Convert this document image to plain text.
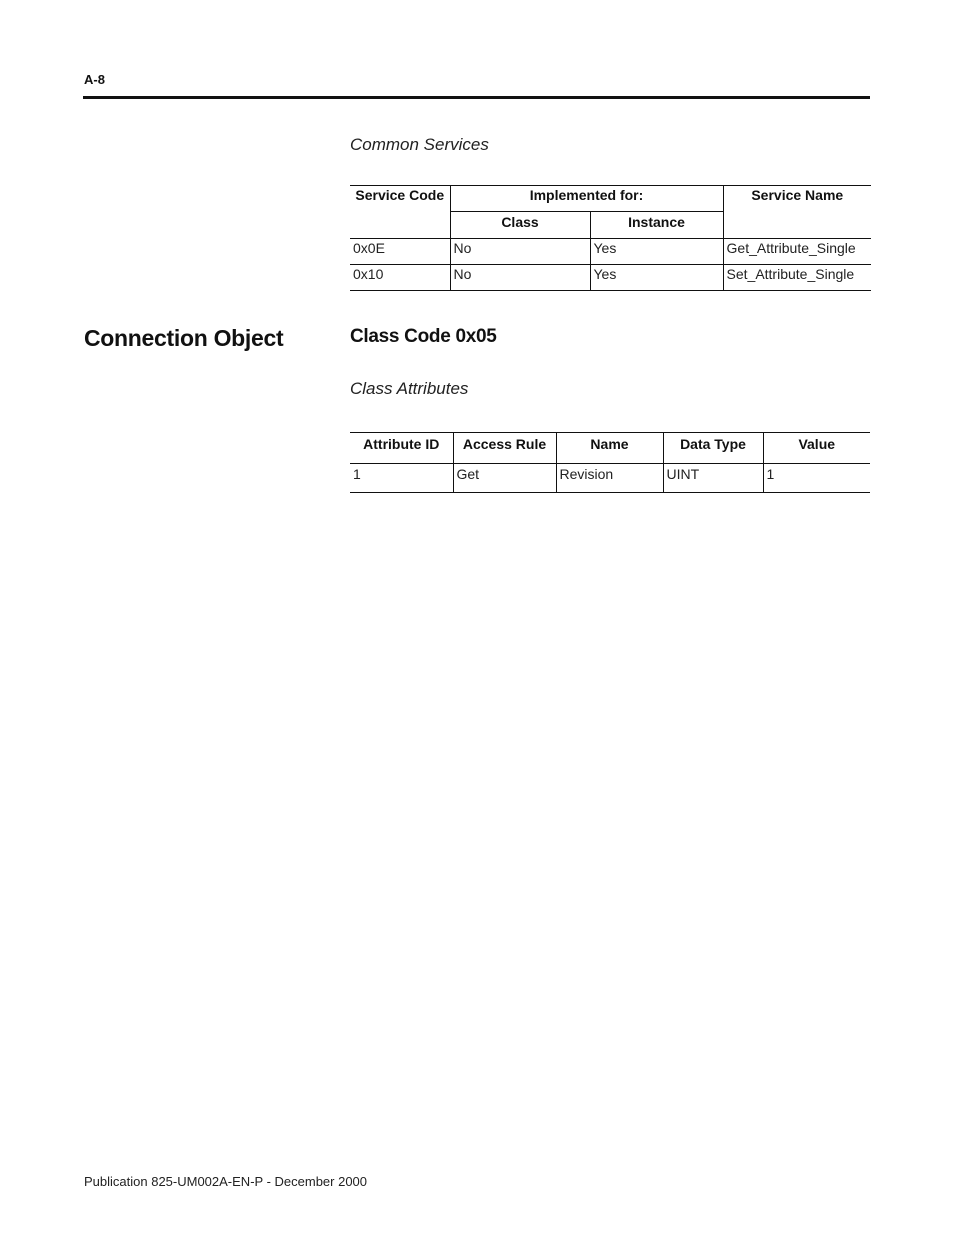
A-8
Common Services
Service Code	Implemented for:		Service Name
	Class	Instance	
0x0E	No	Yes	Get_Attribute_Single
0x10	No	Yes	Set_Attribute_Single
Connection Object	Class Code 0x05
Class Attributes
Attribute ID	Access Rule	Name	Data Type	Value
1	Get	Revision	UINT	1
Publication 825-UM002A-EN-P - December 2000
